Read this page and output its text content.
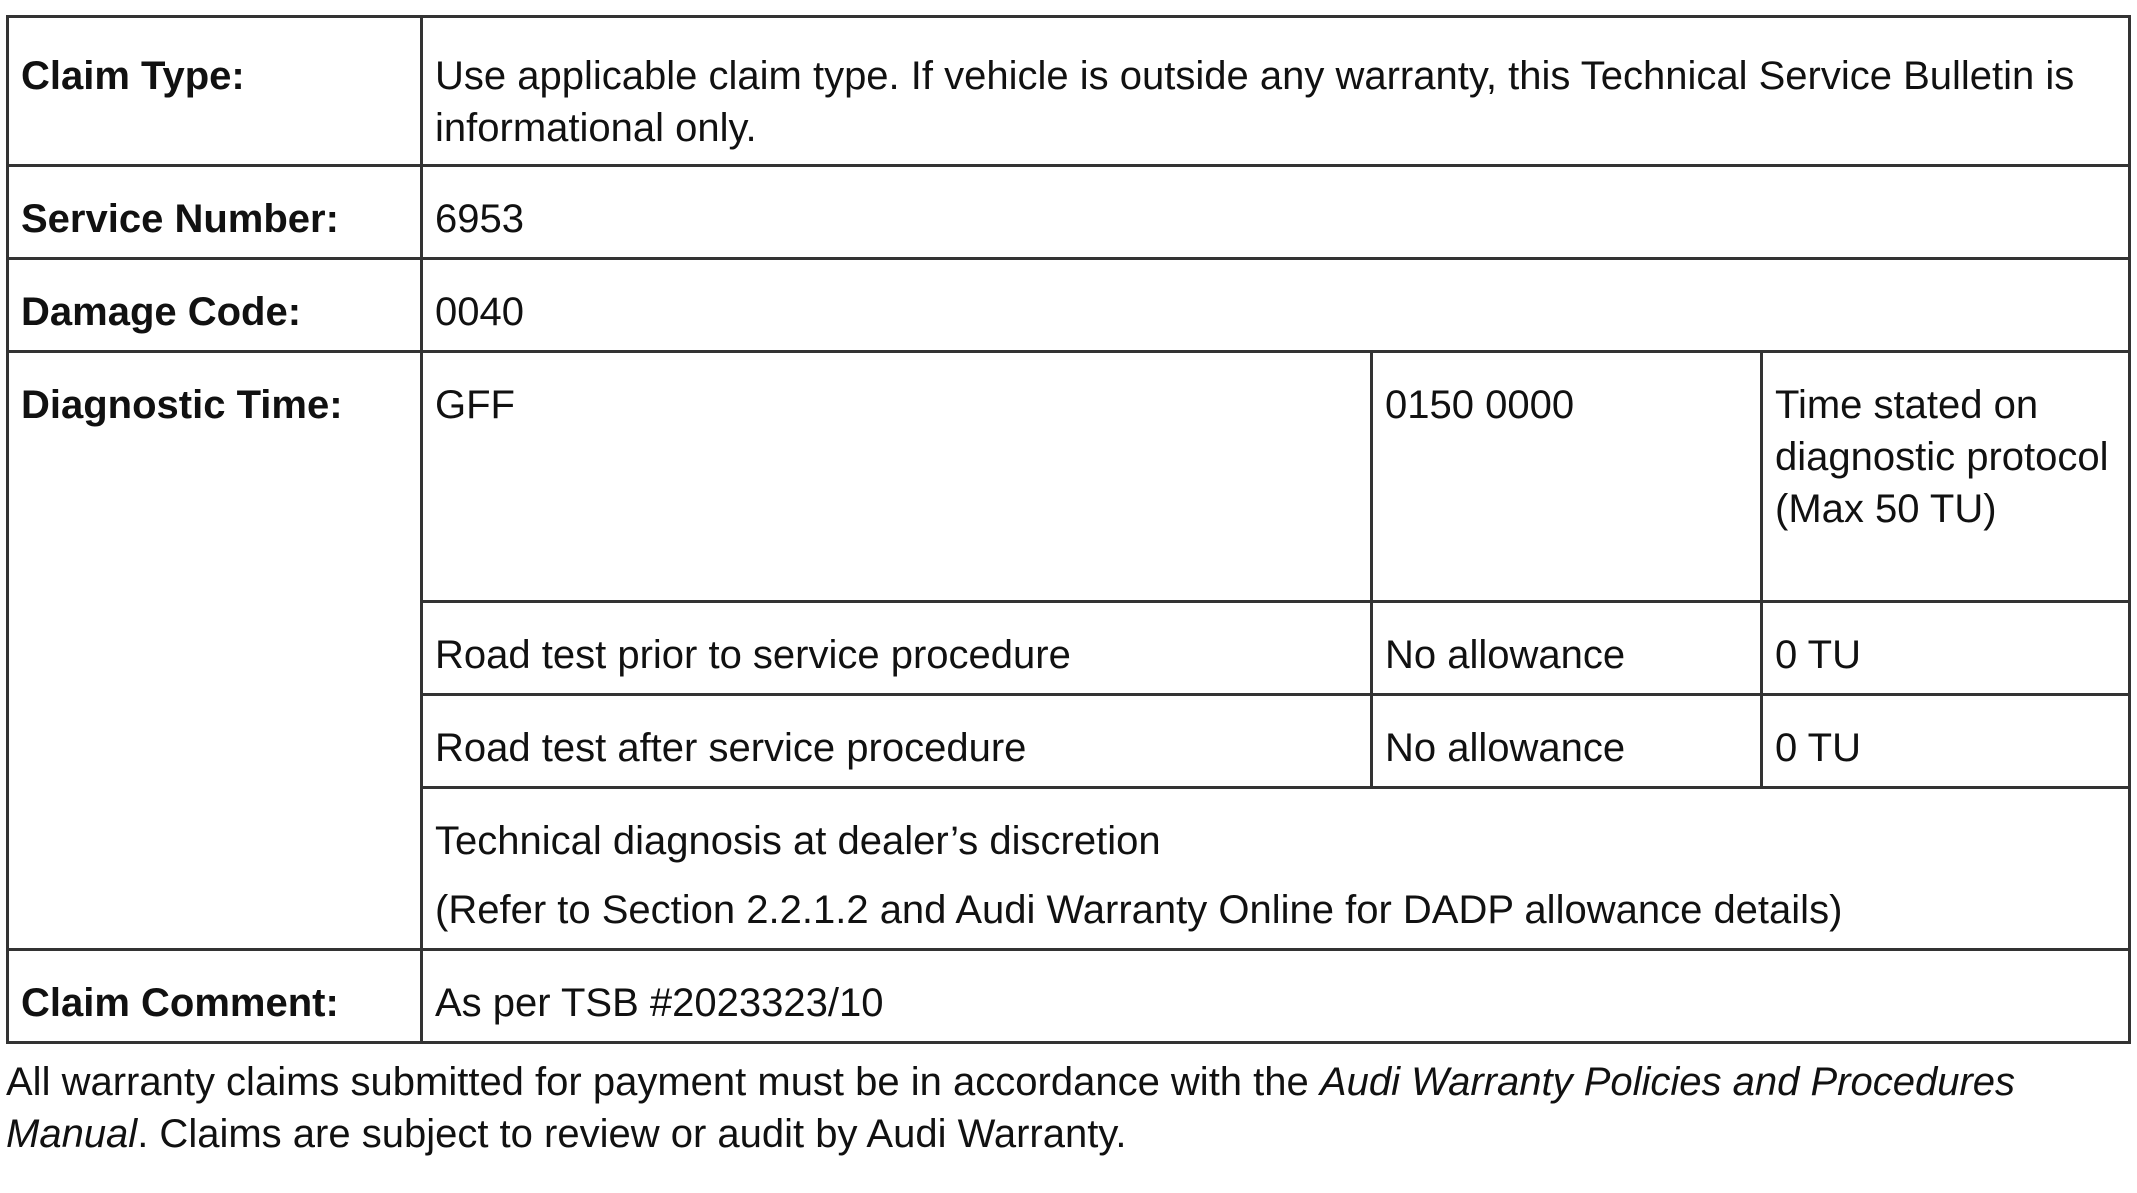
Claim Type:	Use applicable claim type. If vehicle is outside any warranty, this Technical Service Bulletin is informational only.		
Service Number:	6953		
Damage Code:	0040		
Diagnostic Time:	GFF	0150 0000	Time stated on diagnostic protocol (Max 50 TU)
	Road test prior to service procedure	No allowance	0 TU
	Road test after service procedure	No allowance	0 TU

	Technical diagnosis at dealer’s discretion
(Refer to Section 2.2.1.2 and Audi Warranty Online for DADP allowance details)		

Claim Comment:	As per TSB #2023323/10		
All warranty claims submitted for payment must be in accordance with the Audi Warranty Policies and Procedures Manual. Claims are subject to review or audit by Audi Warranty.
